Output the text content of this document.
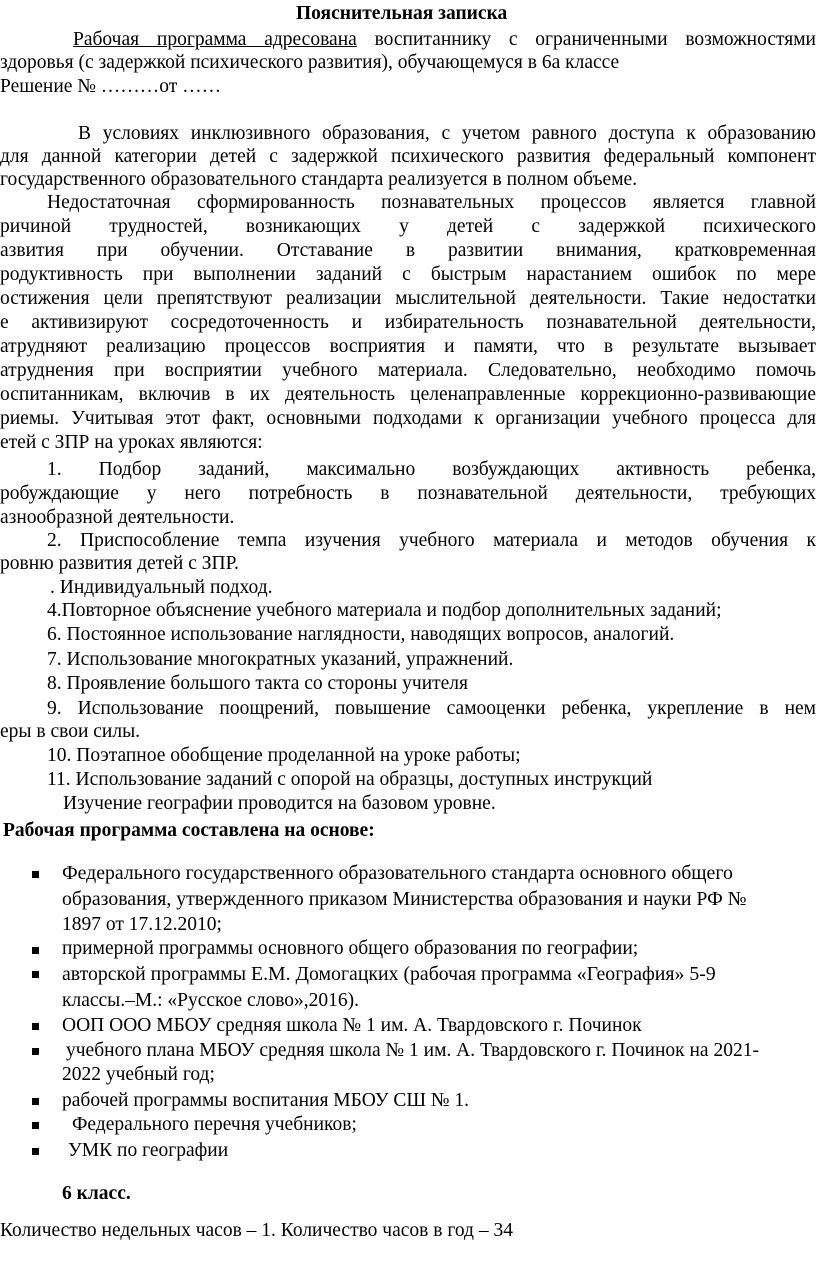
Пояснительная записка
Рабочая программа адресована воспитаннику с ограниченными возможностями
здоровья (с задержкой психического развития), обучающемуся в 6а классе
Решение № ………от ……
В условиях инклюзивного образования, с учетом равного доступа к образованию
для данной категории детей с задержкой психического развития федеральный компонент
государственного образовательного стандарта реализуется в полном объеме.
Недостаточная сформированность познавательных процессов является главной
ричиной трудностей, возникающих у детей с задержкой психического
азвития при обучении. Отставание в развитии внимания, кратковременная
родуктивность при выполнении заданий с быстрым нарастанием ошибок по мере
остижения цели препятствуют реализации мыслительной деятельности. Такие недостатки
е активизируют сосредоточенность и избирательность познавательной деятельности,
атрудняют реализацию процессов восприятия и памяти, что в результате вызывает
атруднения при восприятии учебного материала. Следовательно, необходимо помочь
оспитанникам, включив в их деятельность целенаправленные коррекционно-развивающие
риемы. Учитывая этот факт, основными подходами к организации учебного процесса для
етей с ЗПР на уроках являются:
1. Подбор заданий, максимально возбуждающих активность ребенка,
робуждающие у него потребность в познавательной деятельности, требующих
азнообразной деятельности.
2. Приспособление темпа изучения учебного материала и методов обучения к
ровню развития детей с ЗПР.
. Индивидуальный подход.
4.Повторное объяснение учебного материала и подбор дополнительных заданий;
6. Постоянное использование наглядности, наводящих вопросов, аналогий.
7. Использование многократных указаний, упражнений.
8. Проявление большого такта со стороны учителя
9. Использование поощрений, повышение самооценки ребенка, укрепление в нем
еры в свои силы.
10. Поэтапное обобщение проделанной на уроке работы;
11. Использование заданий с опорой на образцы, доступных инструкций
Изучение географии проводится на базовом уровне.
Рабочая программа составлена на основе:
Федерального государственного образовательного стандарта основного общего
образования, утвержденного приказом Министерства образования и науки РФ №
1897 от 17.12.2010;
примерной программы основного общего образования по географии;
авторской программы Е.М. Домогацких (рабочая программа «География» 5-9
классы.–М.: «Русское слово»,2016).
ООП ООО МБОУ средняя школа № 1 им. А. Твардовского г. Починок
учебного плана МБОУ средняя школа № 1 им. А. Твардовского г. Починок на 2021-
2022 учебный год;
рабочей программы воспитания МБОУ СШ № 1.
Федерального перечня учебников;
УМК по географии
6 класс.
Количество недельных часов – 1. Количество часов в год – 34
